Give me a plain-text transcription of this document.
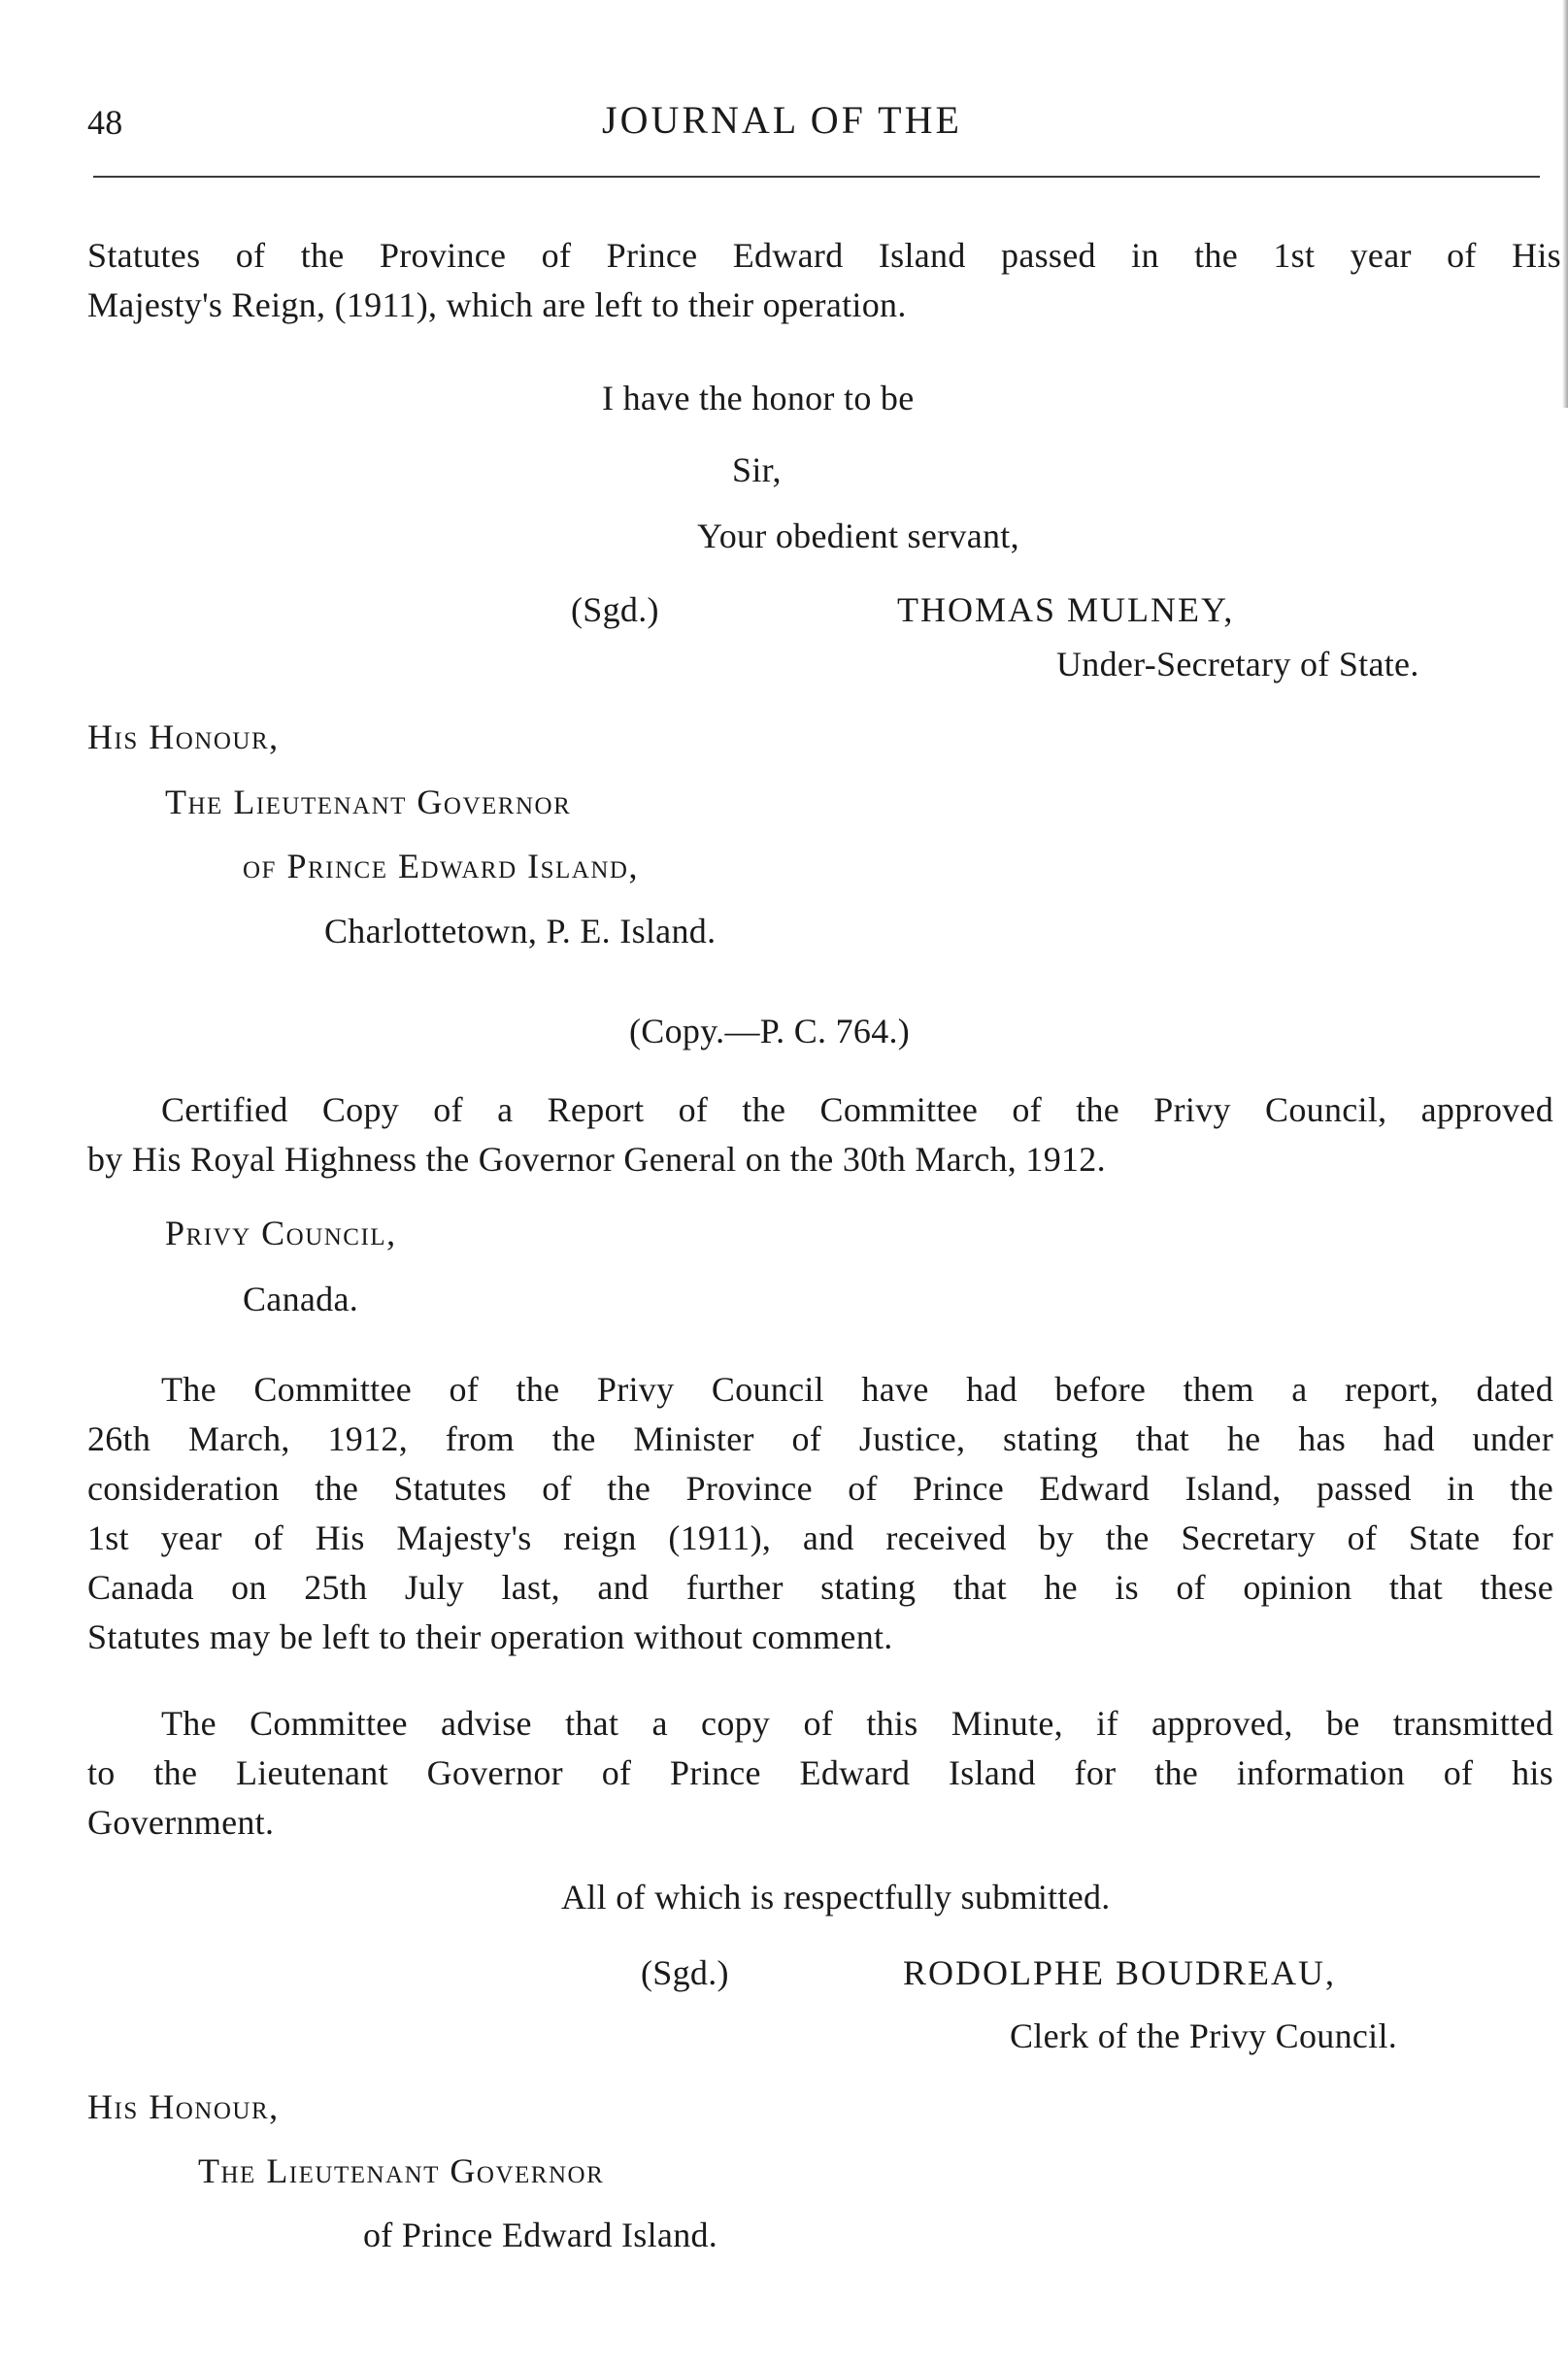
48	JOURNAL OF THE
Statutes of the Province of Prince Edward Island passed in the 1st year of His
Majesty's Reign, (1911), which are left to their operation.
I have the honor to be
Sir,
Your obedient servant,
(Sgd.)	THOMAS MULNEY,
Under-Secretary of State.
His Honour,
The Lieutenant Governor
of Prince Edward Island,
Charlottetown, P. E. Island.
(Copy.—P. C. 764.)
Certified Copy of a Report of the Committee of the Privy Council, approved
by His Royal Highness the Governor General on the 30th March, 1912.
Privy Council,
Canada.
The Committee of the Privy Council have had before them a report, dated
26th March, 1912, from the Minister of Justice, stating that he has had under
consideration the Statutes of the Province of Prince Edward Island, passed in the
1st year of His Majesty's reign (1911), and received by the Secretary of State for
Canada on 25th July last, and further stating that he is of opinion that these
Statutes may be left to their operation without comment.
The Committee advise that a copy of this Minute, if approved, be transmitted
to the Lieutenant Governor of Prince Edward Island for the information of his
Government.
All of which is respectfully submitted.
(Sgd.)	RODOLPHE BOUDREAU,
Clerk of the Privy Council.
His Honour,
The Lieutenant Governor
of Prince Edward Island.
